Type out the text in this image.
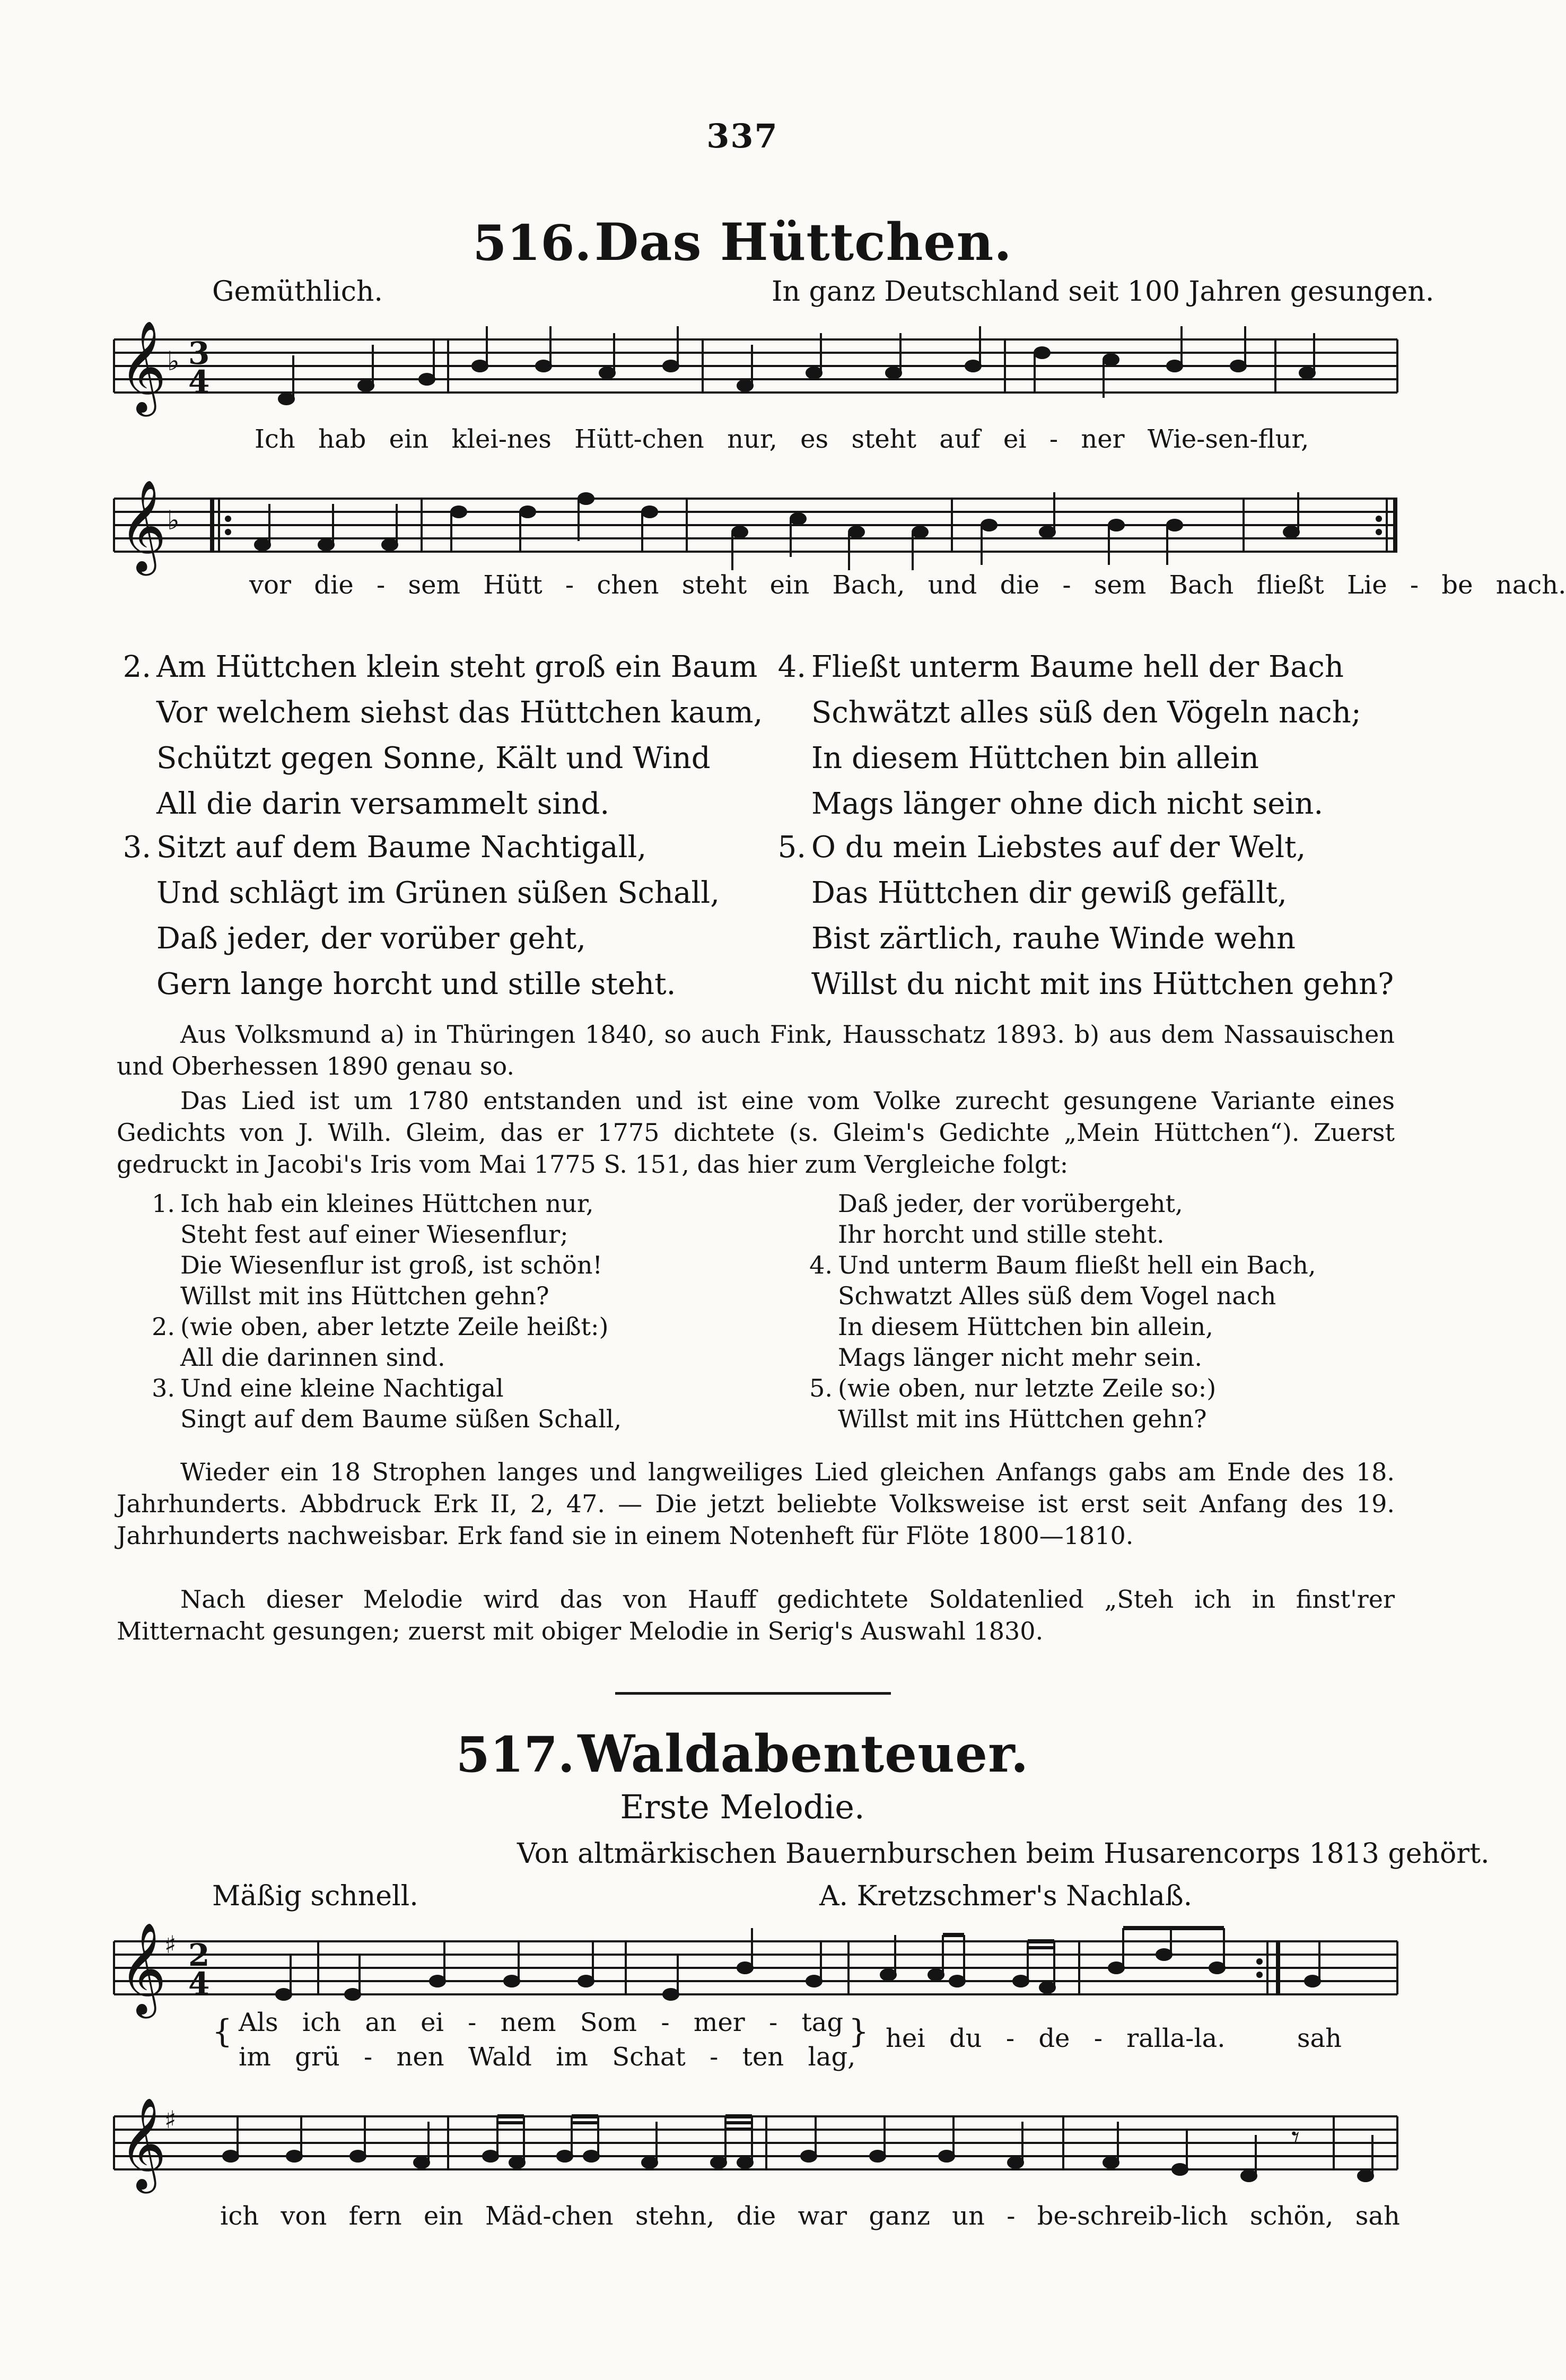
337
516. Das Hüttchen.
Gemüthlich.	In ganz Deutschland seit 100 Jahren gesungen.
𝄞 ♭ 3
4
Ich hab ein klei-nes Hütt-chen nur, es steht auf ei - ner Wie-sen-flur,
𝄞 ♭
vor die - sem Hütt - chen steht ein Bach, und die - sem Bach fließt Lie - be nach.
2. Am Hüttchen klein steht groß ein Baum
Vor welchem siehst das Hüttchen kaum,
Schützt gegen Sonne, Kält und Wind
All die darin versammelt sind.
3. Sitzt auf dem Baume Nachtigall,
Und schlägt im Grünen süßen Schall,
Daß jeder, der vorüber geht,
Gern lange horcht und stille steht.
4. Fließt unterm Baume hell der Bach
Schwätzt alles süß den Vögeln nach;
In diesem Hüttchen bin allein
Mags länger ohne dich nicht sein.
5. O du mein Liebstes auf der Welt,
Das Hüttchen dir gewiß gefällt,
Bist zärtlich, rauhe Winde wehn
Willst du nicht mit ins Hüttchen gehn?
Aus Volksmund a) in Thüringen 1840, so auch Fink, Hausschatz 1893. b) aus dem Nassauischen und Oberhessen 1890 genau so.
Das Lied ist um 1780 entstanden und ist eine vom Volke zurecht gesungene Variante eines Gedichts von J. Wilh. Gleim, das er 1775 dichtete (s. Gleim's Gedichte „Mein Hüttchen“). Zuerst gedruckt in Jacobi's Iris vom Mai 1775 S. 151, das hier zum Vergleiche folgt:
1. Ich hab ein kleines Hüttchen nur,
Steht fest auf einer Wiesenflur;
Die Wiesenflur ist groß, ist schön!
Willst mit ins Hüttchen gehn?
2. (wie oben, aber letzte Zeile heißt:)
All die darinnen sind.
3. Und eine kleine Nachtigal
Singt auf dem Baume süßen Schall,
Daß jeder, der vorübergeht,
Ihr horcht und stille steht.
4. Und unterm Baum fließt hell ein Bach,
Schwatzt Alles süß dem Vogel nach
In diesem Hüttchen bin allein,
Mags länger nicht mehr sein.
5. (wie oben, nur letzte Zeile so:)
Willst mit ins Hüttchen gehn?
Wieder ein 18 Strophen langes und langweiliges Lied gleichen Anfangs gabs am Ende des 18. Jahrhunderts. Abbdruck Erk II, 2, 47. — Die jetzt beliebte Volksweise ist erst seit Anfang des 19. Jahrhunderts nachweisbar. Erk fand sie in einem Notenheft für Flöte 1800—1810.
Nach dieser Melodie wird das von Hauff gedichtete Soldatenlied „Steh ich in finst'rer Mitternacht gesungen; zuerst mit obiger Melodie in Serig's Auswahl 1830.
517. Waldabenteuer.
Erste Melodie.
Von altmärkischen Bauernburschen beim Husarencorps 1813 gehört.
Mäßig schnell.	A. Kretzschmer's Nachlaß.
𝄞
♯ 2
4
{ Als ich an ei - nem Som - mer - tag
im grü - nen Wald im Schat - ten lag,
} hei du - de - ralla-la.	sah
𝄞
♯	𝄾
ich von fern ein Mäd-chen stehn, die war ganz un - be-schreib-lich schön, sah
